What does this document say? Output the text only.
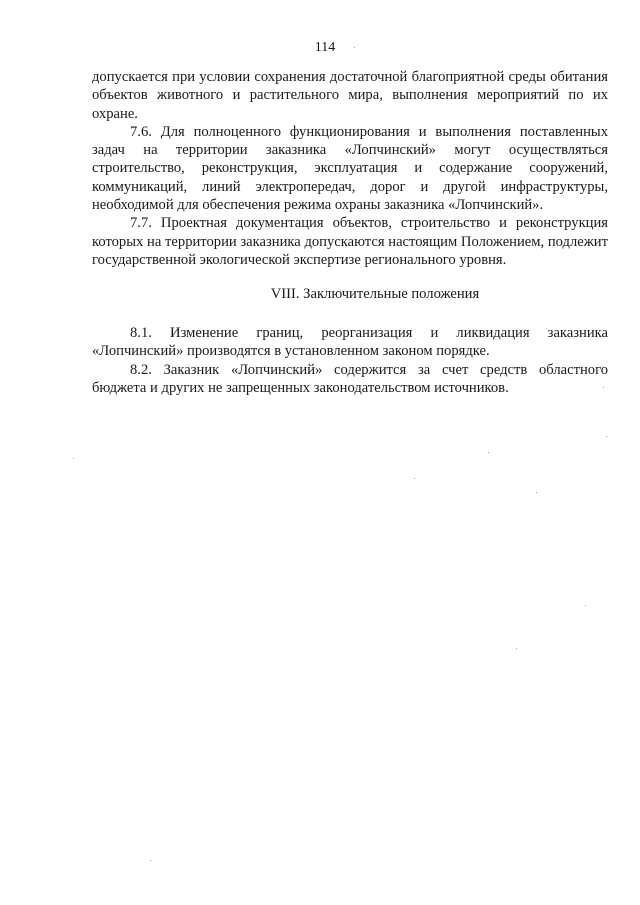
114

допускается при условии сохранения достаточной благоприятной среды обитания объектов животного и растительного мира, выполнения мероприятий по их охране.

7.6. Для полноценного функционирования и выполнения поставленных задач на территории заказника «Лопчинский» могут осуществляться строительство, реконструкция, эксплуатация и содержание сооружений, коммуникаций, линий электропередач, дорог и другой инфраструктуры, необходимой для обеспечения режима охраны заказника «Лопчинский».

7.7. Проектная документация объектов, строительство и реконструкция которых на территории заказника допускаются настоящим Положением, подлежит государственной экологической экспертизе регионального уровня.

VIII. Заключительные положения

8.1. Изменение границ, реорганизация и ликвидация заказника «Лопчинский» производятся в установленном законом порядке.

8.2. Заказник «Лопчинский» содержится за счет средств областного бюджета и других не запрещенных законодательством источников.
